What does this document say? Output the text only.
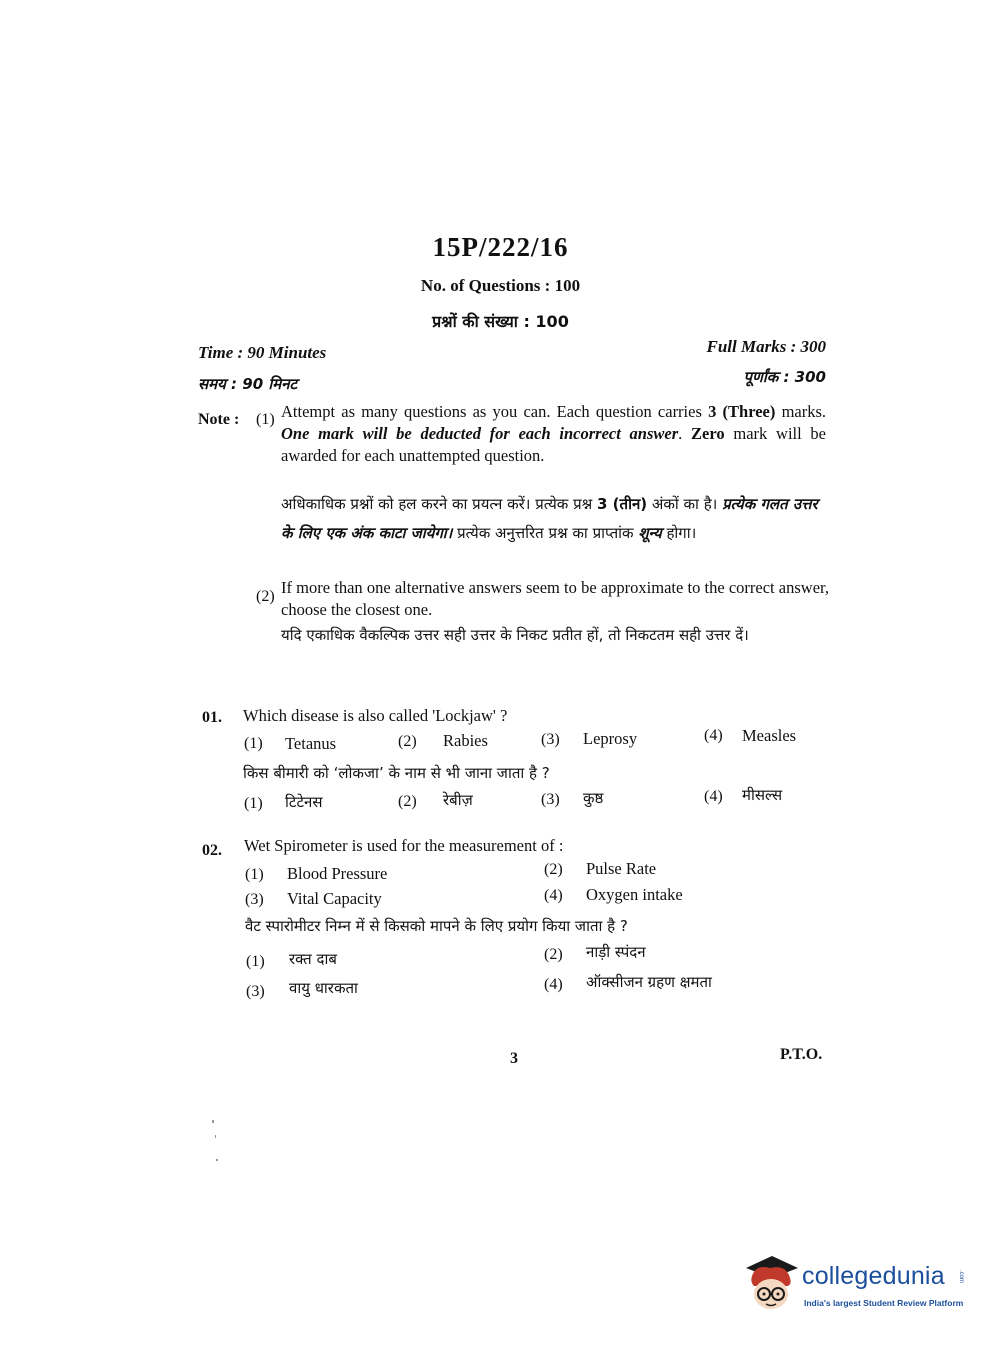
15P/222/16
No. of Questions : 100
प्रश्नों की संख्या : 100
Time : 90 Minutes
समय : 90 मिनट
Full Marks : 300
पूर्णांक : 300
Note : (1) Attempt as many questions as you can. Each question carries 3 (Three) marks. One mark will be deducted for each incorrect answer. Zero mark will be awarded for each unattempted question.
अधिकाधिक प्रश्नों को हल करने का प्रयत्न करें। प्रत्येक प्रश्न 3 (तीन) अंकों का है। प्रत्येक गलत उत्तर के लिए एक अंक काटा जायेगा। प्रत्येक अनुत्तरित प्रश्न का प्राप्तांक शून्य होगा।
(2) If more than one alternative answers seem to be approximate to the correct answer, choose the closest one.
यदि एकाधिक वैकल्पिक उत्तर सही उत्तर के निकट प्रतीत हों, तो निकटतम सही उत्तर दें।
01. Which disease is also called 'Lockjaw' ?
(1) Tetanus	(2) Rabies	(3) Leprosy	(4) Measles
किस बीमारी को ‘लोकजा’ के नाम से भी जाना जाता है ?
(1) टिटेनस	(2) रेबीज़	(3) कुष्ठ	(4) मीसल्स
02. Wet Spirometer is used for the measurement of :
(1) Blood Pressure	(2) Pulse Rate
(3) Vital Capacity	(4) Oxygen intake
वैट स्पारोमीटर निम्न में से किसको मापने के लिए प्रयोग किया जाता है ?
(1) रक्त दाब	(2) नाड़ी स्पंदन
(3) वायु धारकता	(4) ऑक्सीजन ग्रहण क्षमता
3	P.T.O.
collegedunia .com
India's largest Student Review Platform
